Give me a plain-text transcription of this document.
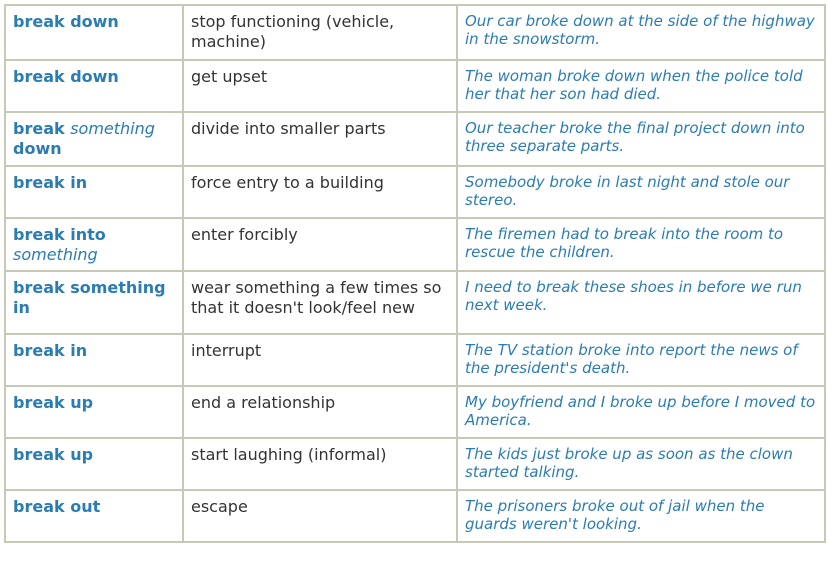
break down	stop functioning (vehicle, machine)	Our car broke down at the side of the highway in the snowstorm.
break down	get upset	The woman broke down when the police told her that her son had died.
break something down	divide into smaller parts	Our teacher broke the final project down into three separate parts.
break in	force entry to a building	Somebody broke in last night and stole our stereo.
break into something	enter forcibly	The firemen had to break into the room to rescue the children.
break something in	wear something a few times so that it doesn't look/feel new	I need to break these shoes in before we run next week.
break in	interrupt	The TV station broke into report the news of the president's death.
break up	end a relationship	My boyfriend and I broke up before I moved to America.
break up	start laughing (informal)	The kids just broke up as soon as the clown started talking.
break out	escape	The prisoners broke out of jail when the guards weren't looking.
